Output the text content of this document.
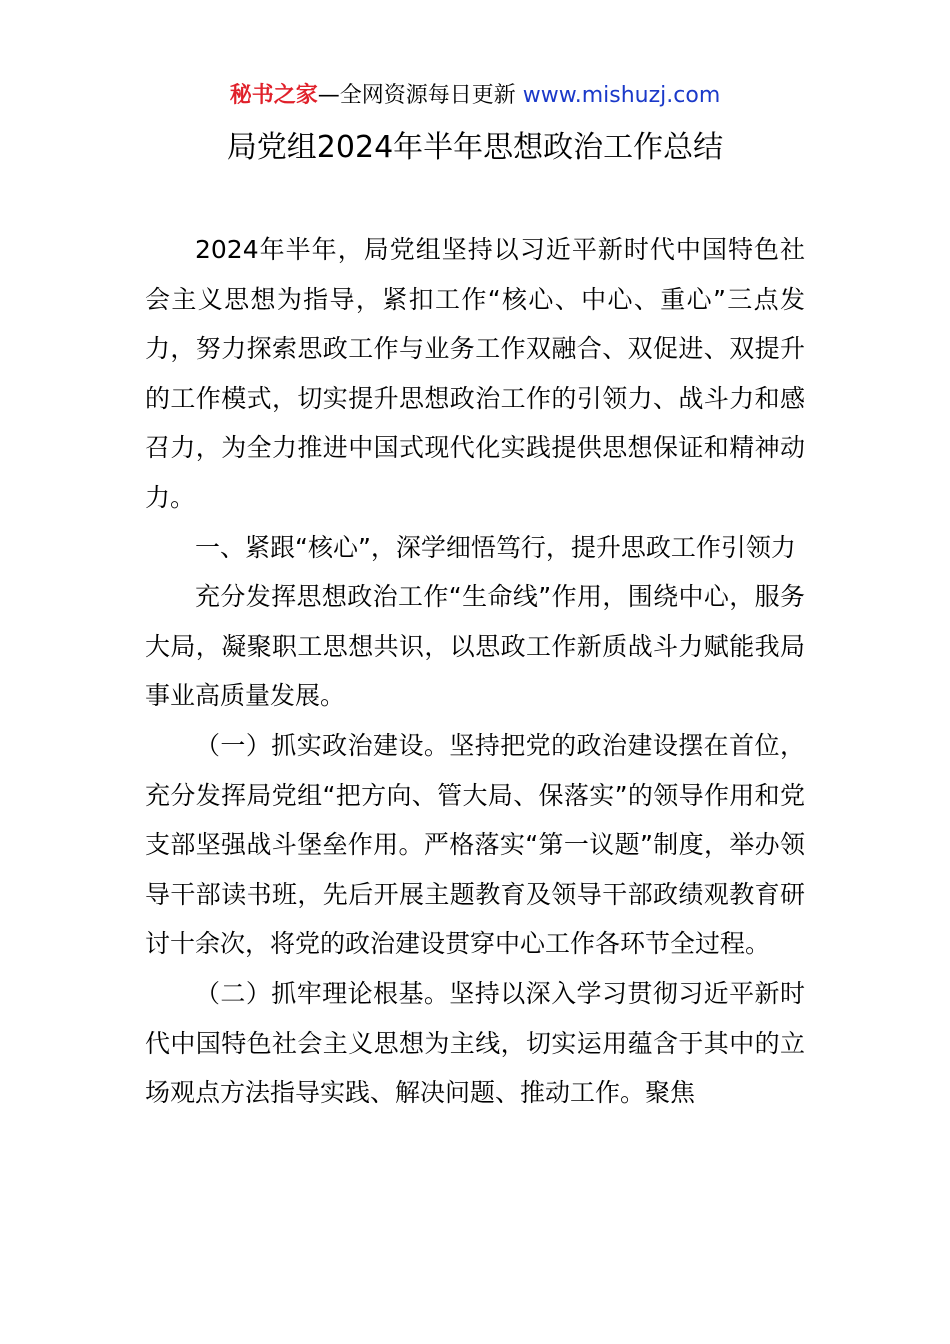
秘书之家—全网资源每日更新 www.mishuzj.com
局党组2024年半年思想政治工作总结

2024年半年，局党组坚持以习近平新时代中国特色社会主义思想为指导，紧扣工作“核心、中心、重心”三点发力，努力探索思政工作与业务工作双融合、双促进、双提升的工作模式，切实提升思想政治工作的引领力、战斗力和感召力，为全力推进中国式现代化实践提供思想保证和精神动力。

一、紧跟“核心”，深学细悟笃行，提升思政工作引领力

充分发挥思想政治工作“生命线”作用，围绕中心，服务大局，凝聚职工思想共识，以思政工作新质战斗力赋能我局事业高质量发展。

（一）抓实政治建设。坚持把党的政治建设摆在首位，充分发挥局党组“把方向、管大局、保落实”的领导作用和党支部坚强战斗堡垒作用。严格落实“第一议题”制度，举办领导干部读书班，先后开展主题教育及领导干部政绩观教育研讨十余次，将党的政治建设贯穿中心工作各环节全过程。

（二）抓牢理论根基。坚持以深入学习贯彻习近平新时代中国特色社会主义思想为主线，切实运用蕴含于其中的立场观点方法指导实践、解决问题、推动工作。聚焦
